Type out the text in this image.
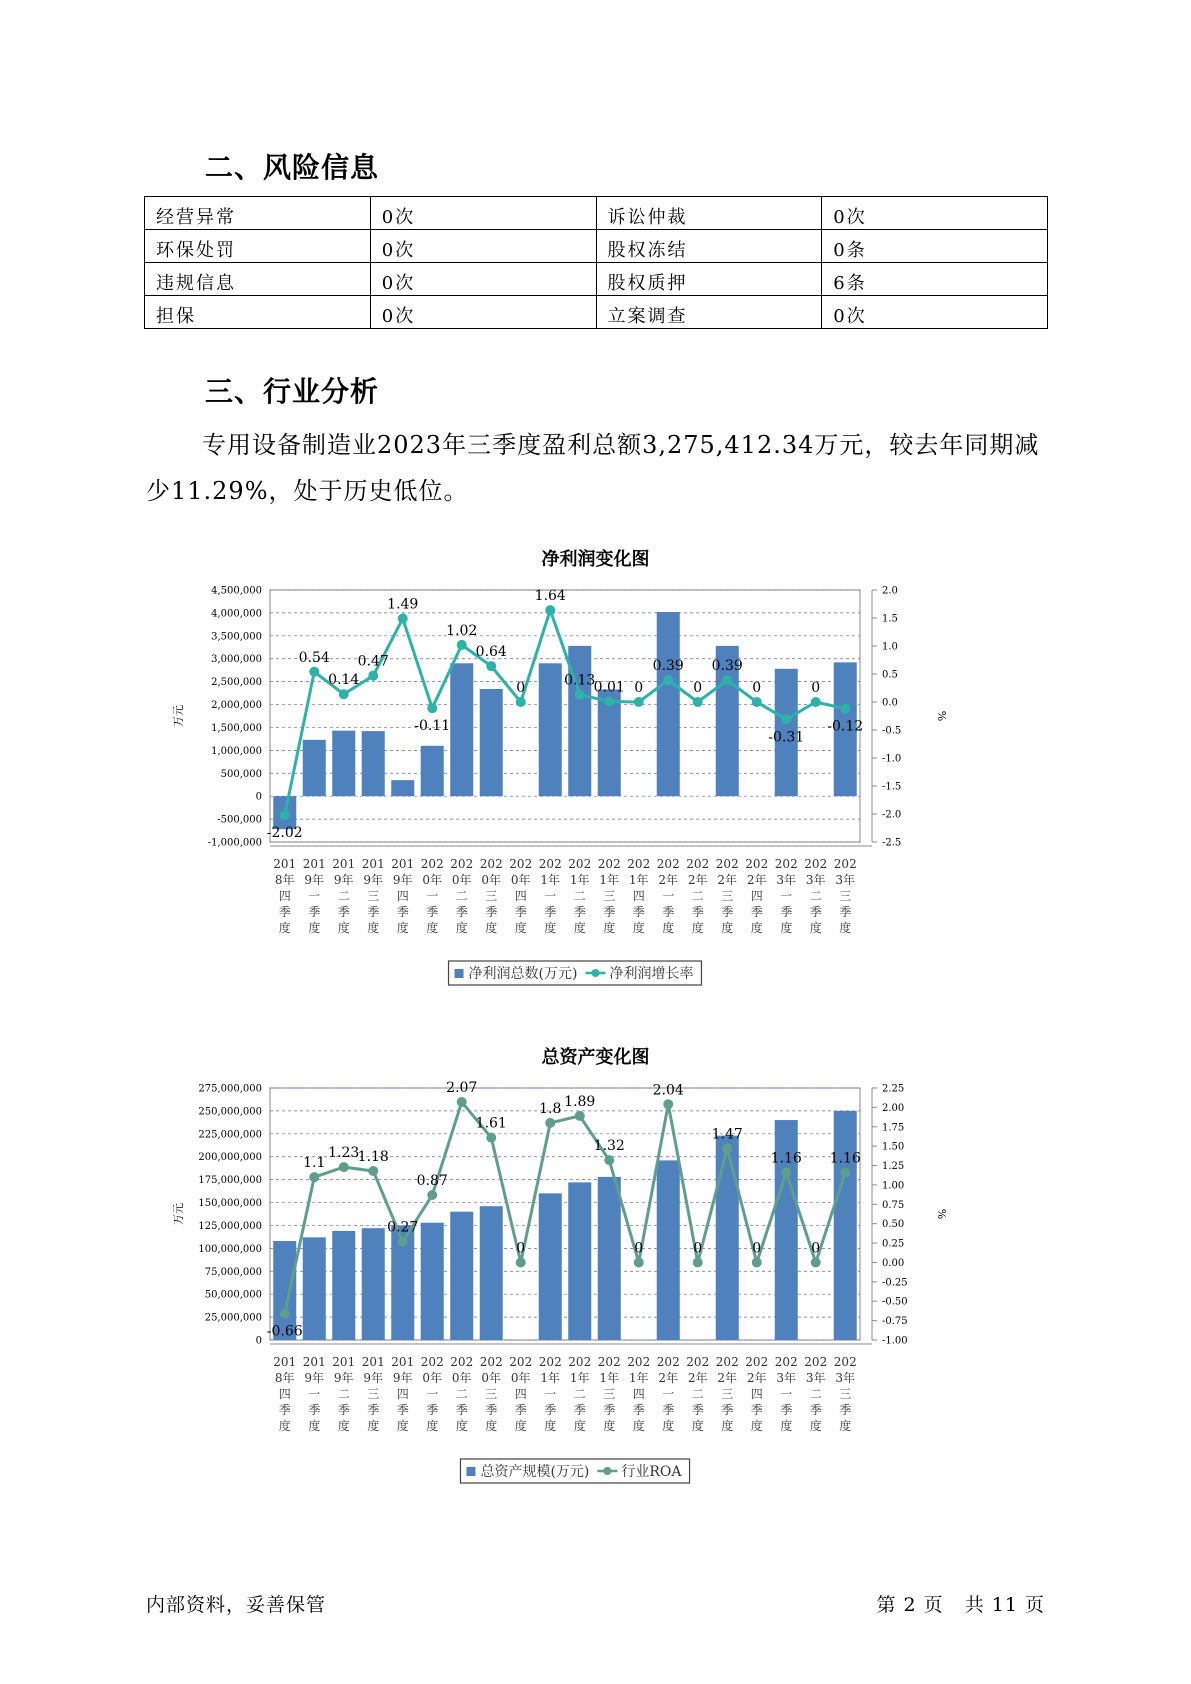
二、风险信息
经营异常	0次	诉讼仲裁	0次
环保处罚	0次	股权冻结	0条
违规信息	0次	股权质押	6条
担保	0次	立案调查	0次
三、行业分析

专用设备制造业2023年三季度盈利总额3,275,412.34万元，较去年同期减少11.29%，处于历史低位。

净利润变化图
-1,000,000
-500,000
0
500,000
1,000,000
1,500,000
2,000,000
2,500,000
3,000,000
3,500,000
4,000,000
4,500,000
-2.5
-2.0
-1.5
-1.0
-0.5
0.0
0.5
1.0
1.5
2.0
万元	%
-2.02
0.54
0.14
0.47
1.49
-0.11
1.02
0.64
0
1.64
0.13
0.01 0
0.39
0
0.39
0
-0.31
0
-0.12
201 8年四季度
201 9年一季度
201 9年二季度
201 9年三季度
201 9年四季度
202 0年一季度
202 0年二季度
202 0年三季度
202 0年四季度
202 1年一季度
202 1年二季度
202 1年三季度
202 1年四季度
202 2年一季度
202 2年二季度
202 2年三季度
202 2年四季度
202 3年一季度
202 3年二季度
202 3年三季度
净利润总数(万元) 净利润增长率
总资产变化图
0
25,000,000
50,000,000
75,000,000
100,000,000
125,000,000
150,000,000
175,000,000
200,000,000
225,000,000
250,000,000
275,000,000
-1.00
-0.75
-0.50
-0.25
0.00
0.25
0.50
0.75
1.00
1.25
1.50
1.75
2.00
2.25
万元	%
-0.66
1.1
1.23
1.18
0.27
0.87
2.07
1.61
0
1.8 1.89
1.32
0
2.04
0
1.47
0
1.16
0
1.16
201 8年四季度
201 9年一季度
201 9年二季度
201 9年三季度
201 9年四季度
202 0年一季度
202 0年二季度
202 0年三季度
202 0年四季度
202 1年一季度
202 1年二季度
202 1年三季度
202 1年四季度
202 2年一季度
202 2年二季度
202 2年三季度
202 2年四季度
202 3年一季度
202 3年二季度
202 3年三季度
总资产规模(万元) 行业ROA
内部资料，妥善保管	第 2 页   共 11 页
